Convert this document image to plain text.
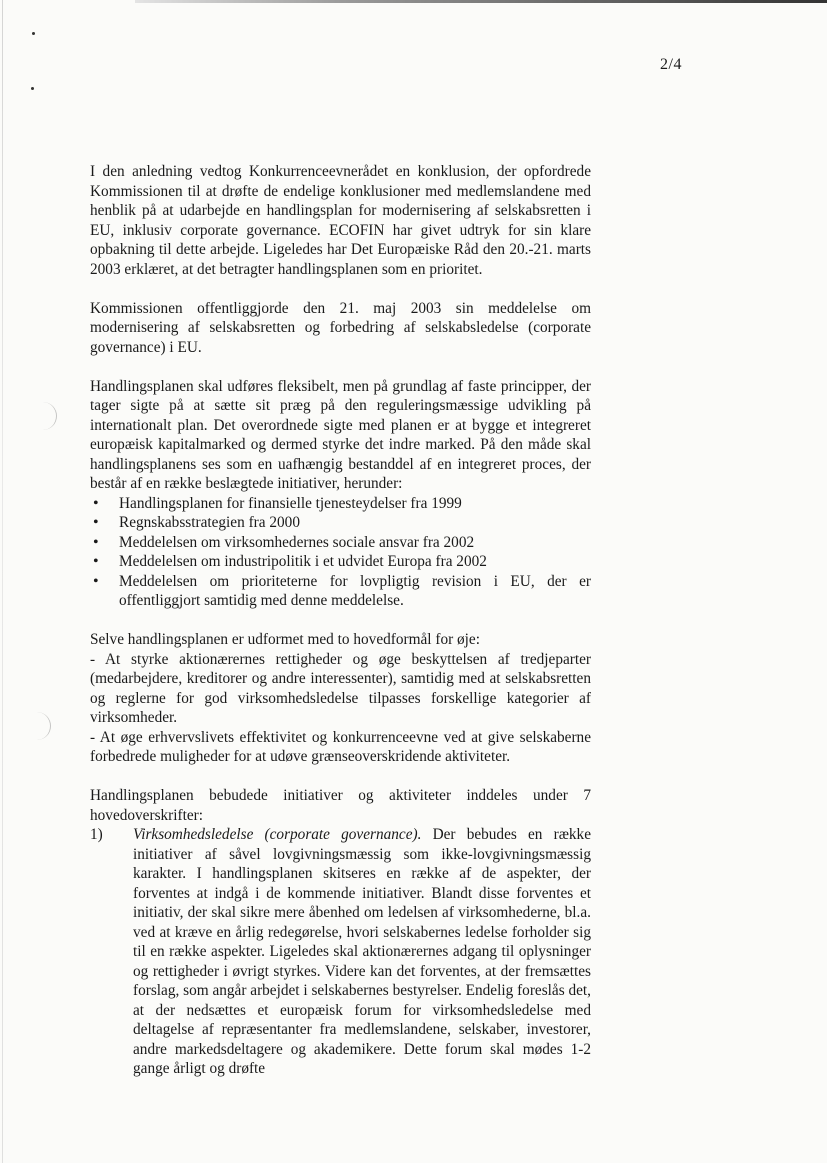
2/4

I den anledning vedtog Konkurrenceevnerådet en konklusion, der opfordrede Kommissionen til at drøfte de endelige konklusioner med medlemslandene med henblik på at udarbejde en handlingsplan for modernisering af selskabsretten i EU, inklusiv corporate governance. ECOFIN har givet udtryk for sin klare opbakning til dette arbejde. Ligeledes har Det Europæiske Råd den 20.-21. marts 2003 erklæret, at det betragter handlingsplanen som en prioritet.

Kommissionen offentliggjorde den 21. maj 2003 sin meddelelse om modernisering af selskabsretten og forbedring af selskabsledelse (corporate governance) i EU.

Handlingsplanen skal udføres fleksibelt, men på grundlag af faste principper, der tager sigte på at sætte sit præg på den reguleringsmæssige udvikling på internationalt plan. Det overordnede sigte med planen er at bygge et integreret europæisk kapitalmarked og dermed styrke det indre marked. På den måde skal handlingsplanens ses som en uafhængig bestanddel af en integreret proces, der består af en række beslægtede initiativer, herunder:

• Handlingsplanen for finansielle tjenesteydelser fra 1999
• Regnskabsstrategien fra 2000
• Meddelelsen om virksomhedernes sociale ansvar fra 2002
• Meddelelsen om industripolitik i et udvidet Europa fra 2002
• Meddelelsen om prioriteterne for lovpligtig revision i EU, der er offentliggjort samtidig med denne meddelelse.

Selve handlingsplanen er udformet med to hovedformål for øje:

- At styrke aktionærernes rettigheder og øge beskyttelsen af tredjeparter (medarbejdere, kreditorer og andre interessenter), samtidig med at selskabsretten og reglerne for god virksomhedsledelse tilpasses forskellige kategorier af virksomheder.

- At øge erhvervslivets effektivitet og konkurrenceevne ved at give selskaberne forbedrede muligheder for at udøve grænseoverskridende aktiviteter.

Handlingsplanen bebudede initiativer og aktiviteter inddeles under 7 hovedoverskrifter:

1) Virksomhedsledelse (corporate governance). Der bebudes en række initiativer af såvel lovgivningsmæssig som ikke-lovgivningsmæssig karakter. I handlingsplanen skitseres en række af de aspekter, der forventes at indgå i de kommende initiativer. Blandt disse forventes et initiativ, der skal sikre mere åbenhed om ledelsen af virksomhederne, bl.a. ved at kræve en årlig redegørelse, hvori selskabernes ledelse forholder sig til en række aspekter. Ligeledes skal aktionærernes adgang til oplysninger og rettigheder i øvrigt styrkes. Videre kan det forventes, at der fremsættes forslag, som angår arbejdet i selskabernes bestyrelser. Endelig foreslås det, at der nedsættes et europæisk forum for virksomhedsledelse med deltagelse af repræsentanter fra medlemslandene, selskaber, investorer, andre markedsdeltagere og akademikere. Dette forum skal mødes 1-2 gange årligt og drøfte
